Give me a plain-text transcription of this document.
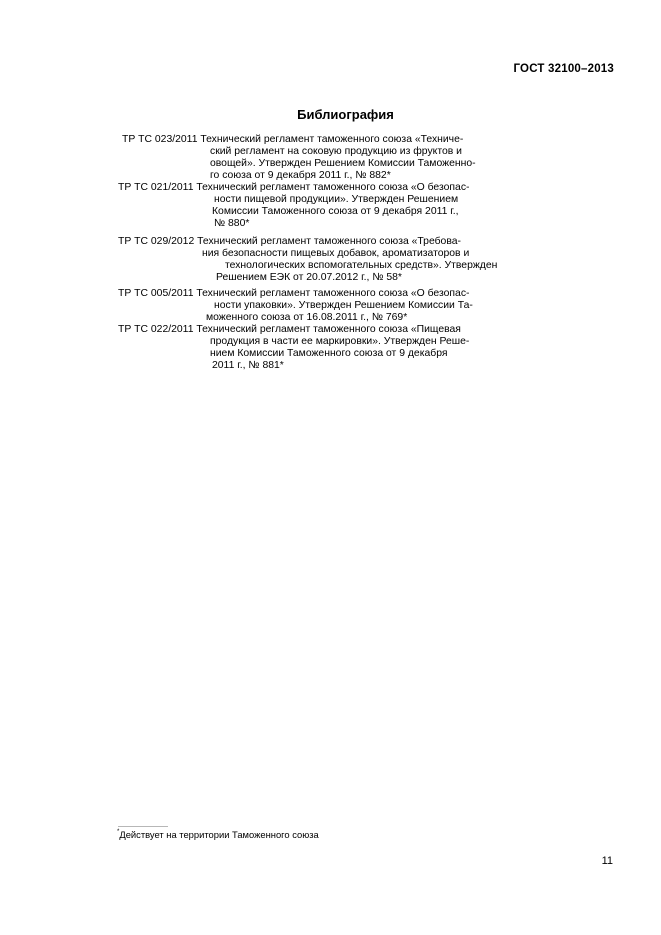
ГОСТ 32100–2013
Библиография
ТР ТС 023/2011 Технический регламент таможенного союза «Техниче-
ский регламент на соковую продукцию из фруктов и
овощей». Утвержден Решением Комиссии Таможенно-
го союза от 9 декабря 2011 г., № 882*
ТР ТС 021/2011 Технический регламент таможенного союза «О безопас-
ности пищевой продукции». Утвержден Решением
Комиссии Таможенного союза от 9 декабря 2011 г.,
№ 880*
ТР ТС 029/2012 Технический регламент таможенного союза «Требова-
ния безопасности пищевых добавок, ароматизаторов и
технологических вспомогательных средств». Утвержден
Решением ЕЭК от 20.07.2012 г., № 58*
ТР ТС 005/2011 Технический регламент таможенного союза «О безопас-
ности упаковки». Утвержден Решением Комиссии Та-
моженного союза от 16.08.2011 г., № 769*
ТР ТС 022/2011 Технический регламент таможенного союза «Пищевая
продукция в части ее маркировки». Утвержден Реше-
нием Комиссии Таможенного союза от 9 декабря
2011 г., № 881*
*Действует на территории Таможенного союза
11
